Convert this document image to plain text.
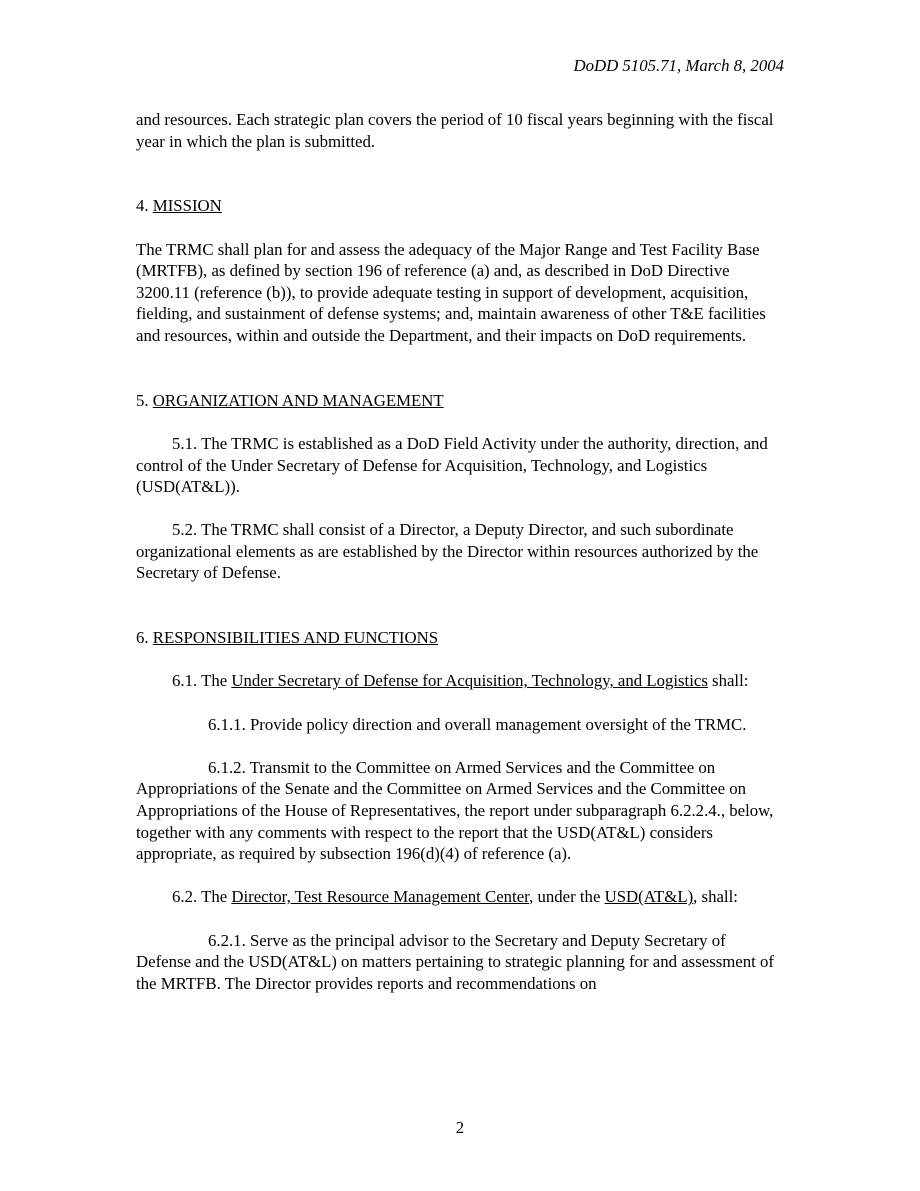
DoDD 5105.71, March 8, 2004

and resources. Each strategic plan covers the period of 10 fiscal years beginning with the fiscal year in which the plan is submitted.

4. MISSION

The TRMC shall plan for and assess the adequacy of the Major Range and Test Facility Base (MRTFB), as defined by section 196 of reference (a) and, as described in DoD Directive 3200.11 (reference (b)), to provide adequate testing in support of development, acquisition, fielding, and sustainment of defense systems; and, maintain awareness of other T&E facilities and resources, within and outside the Department, and their impacts on DoD requirements.

5. ORGANIZATION AND MANAGEMENT

5.1. The TRMC is established as a DoD Field Activity under the authority, direction, and control of the Under Secretary of Defense for Acquisition, Technology, and Logistics (USD(AT&L)).

5.2. The TRMC shall consist of a Director, a Deputy Director, and such subordinate organizational elements as are established by the Director within resources authorized by the Secretary of Defense.

6. RESPONSIBILITIES AND FUNCTIONS

6.1. The Under Secretary of Defense for Acquisition, Technology, and Logistics shall:

6.1.1. Provide policy direction and overall management oversight of the TRMC.

6.1.2. Transmit to the Committee on Armed Services and the Committee on Appropriations of the Senate and the Committee on Armed Services and the Committee on Appropriations of the House of Representatives, the report under subparagraph 6.2.2.4., below, together with any comments with respect to the report that the USD(AT&L) considers appropriate, as required by subsection 196(d)(4) of reference (a).

6.2. The Director, Test Resource Management Center, under the USD(AT&L), shall:

6.2.1. Serve as the principal advisor to the Secretary and Deputy Secretary of Defense and the USD(AT&L) on matters pertaining to strategic planning for and assessment of the MRTFB. The Director provides reports and recommendations on

2
